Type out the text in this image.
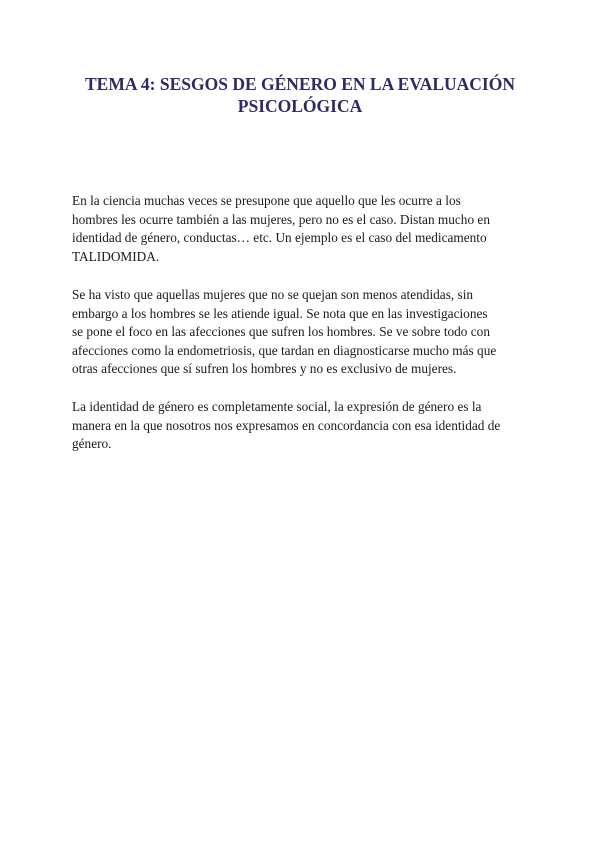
TEMA 4: SESGOS DE GÉNERO EN LA EVALUACIÓN
PSICOLÓGICA

En la ciencia muchas veces se presupone que aquello que les ocurre a los
hombres les ocurre también a las mujeres, pero no es el caso. Distan mucho en
identidad de género, conductas… etc. Un ejemplo es el caso del medicamento
TALIDOMIDA.

Se ha visto que aquellas mujeres que no se quejan son menos atendidas, sin
embargo a los hombres se les atiende igual. Se nota que en las investigaciones
se pone el foco en las afecciones que sufren los hombres. Se ve sobre todo con
afecciones como la endometriosis, que tardan en diagnosticarse mucho más que
otras afecciones que sí sufren los hombres y no es exclusivo de mujeres.

La identidad de género es completamente social, la expresión de género es la
manera en la que nosotros nos expresamos en concordancia con esa identidad de
género.
